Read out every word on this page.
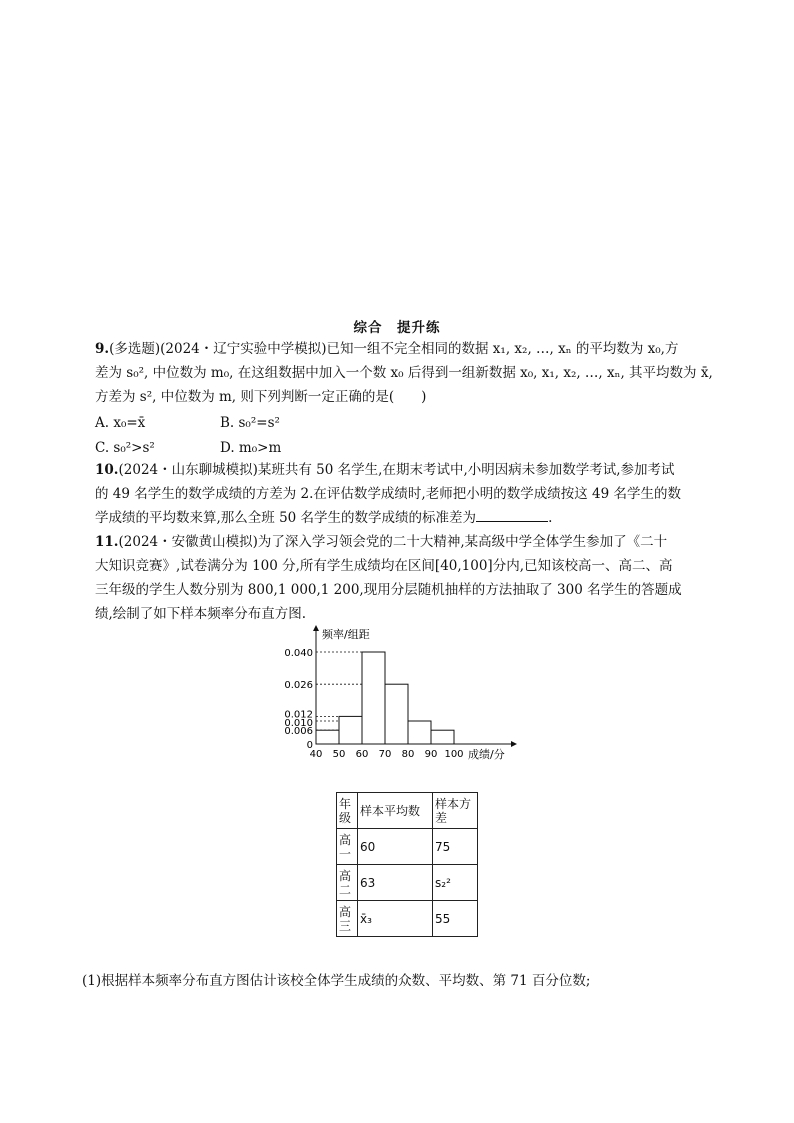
综合　提升练
9.(多选题)(2024・辽宁实验中学模拟)已知一组不完全相同的数据 x₁, x₂, …, xₙ 的平均数为 x₀,方
差为 s₀², 中位数为 m₀, 在这组数据中加入一个数 x₀ 后得到一组新数据 x₀, x₁, x₂, …, xₙ, 其平均数为 x̄,
方差为 s², 中位数为 m, 则下列判断一定正确的是(　　)
A. x₀=x̄	B. s₀²=s²
C. s₀²>s²	D. m₀>m
10.(2024・山东聊城模拟)某班共有 50 名学生,在期末考试中,小明因病未参加数学考试,参加考试
的 49 名学生的数学成绩的方差为 2.在评估数学成绩时,老师把小明的数学成绩按这 49 名学生的数
学成绩的平均数来算,那么全班 50 名学生的数学成绩的标准差为	.
11.(2024・安徽黄山模拟)为了深入学习领会党的二十大精神,某高级中学全体学生参加了《二十
大知识竞赛》,试卷满分为 100 分,所有学生成绩均在区间[40,100]分内,已知该校高一、高二、高
三年级的学生人数分别为 800,1 000,1 200,现用分层随机抽样的方法抽取了 300 名学生的答题成
绩,绘制了如下样本频率分布直方图.
0
0.006
0.010
0.012
0.026
0.040
40 50 60 70 80 90 100
频率/组距
成绩/分
年级	样本平均数	样本方差
高一	60	75
高二	63	s₂²
高三	x̄₃	55
(1)根据样本频率分布直方图估计该校全体学生成绩的众数、平均数、第 71 百分位数;
